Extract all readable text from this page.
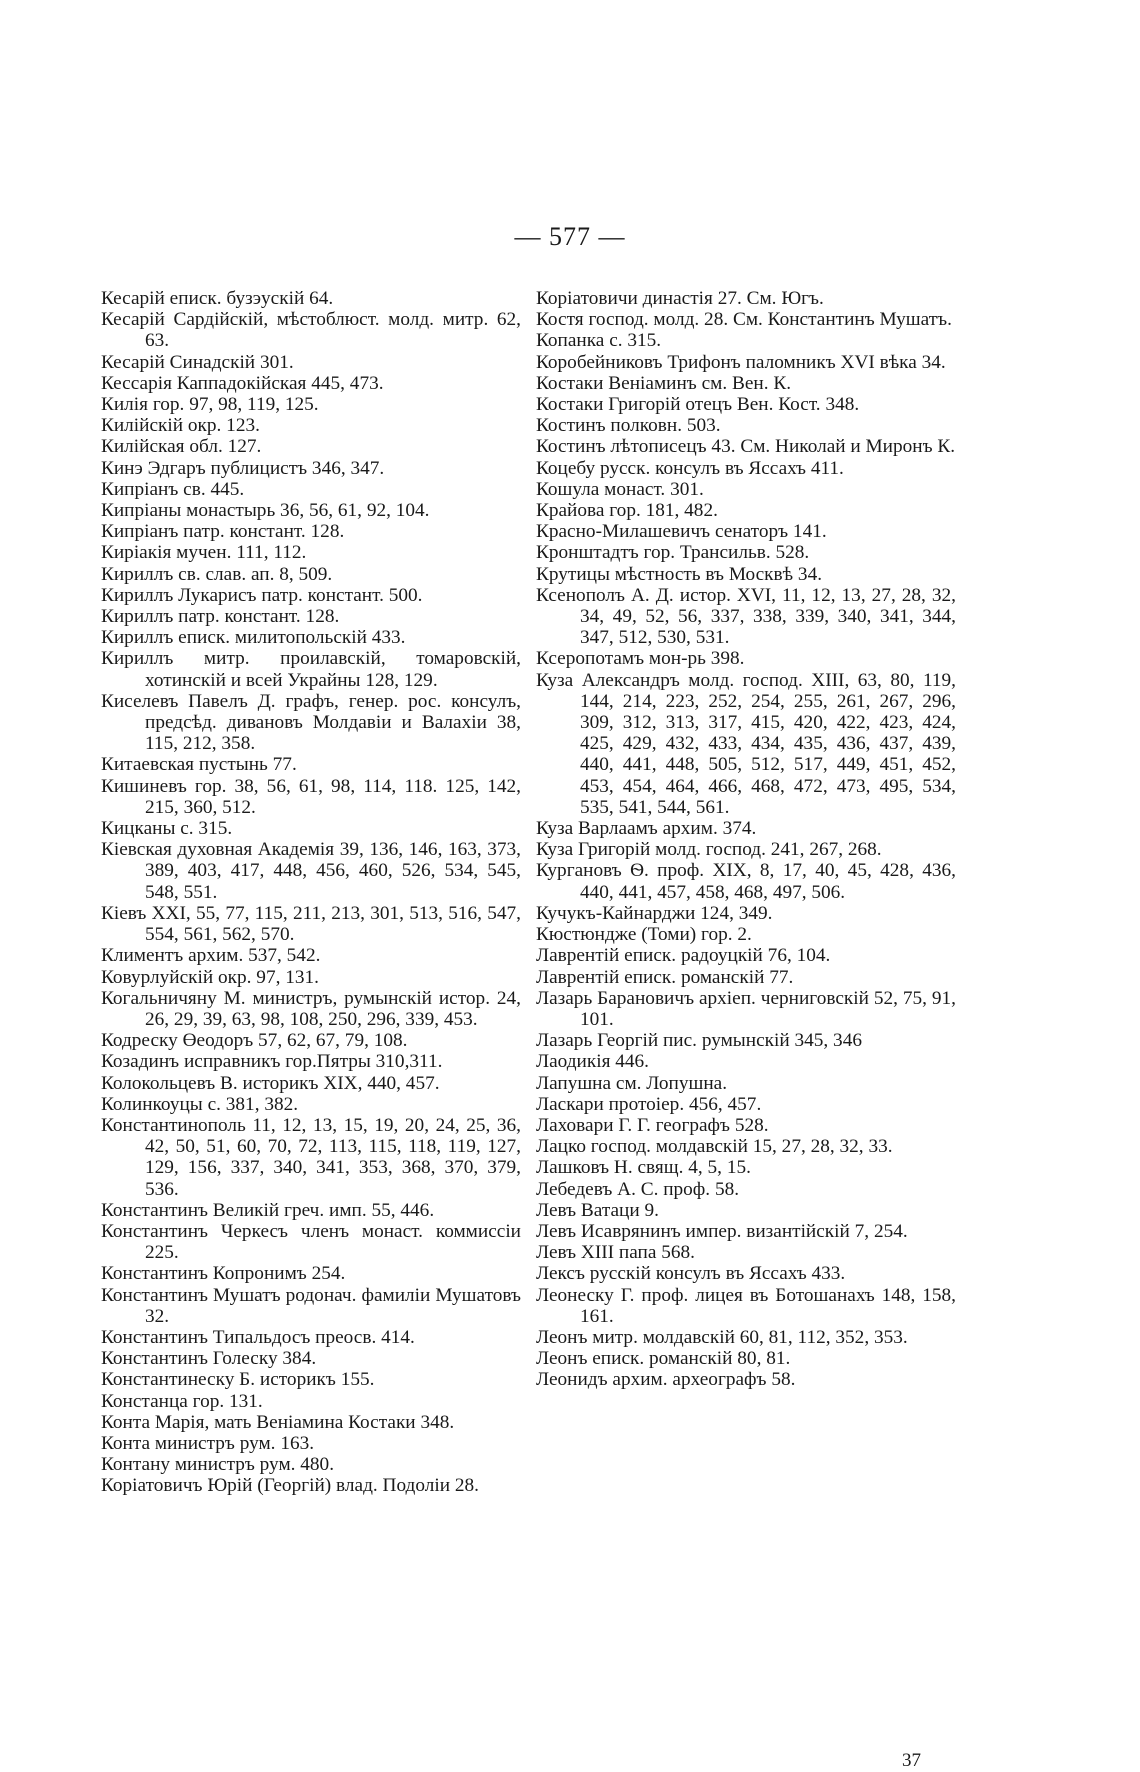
— 577 —

Кесарій еписк. бузэускій 64.

Кесарій Сардійскій, мѣстоблюст. молд. митр. 62, 63.

Кесарій Синадскій 301.

Кессарія Каппадокійская 445, 473.

Килія гор. 97, 98, 119, 125.

Килійскій окр. 123.

Килійская обл. 127.

Кинэ Эдгаръ публицистъ 346, 347.

Кипріанъ св. 445.

Кипріаны монастырь 36, 56, 61, 92, 104.

Кипріанъ патр. констант. 128.

Киріакія мучен. 111, 112.

Кириллъ св. слав. ап. 8, 509.

Кириллъ Лукарисъ патр. констант. 500.

Кириллъ патр. констант. 128.

Кириллъ еписк. милитопольскій 433.

Кириллъ митр. проилавскій, томаровскій, хотинскій и всей Украйны 128, 129.

Киселевъ Павелъ Д. графъ, генер. рос. консулъ, предсѣд. дивановъ Молдавіи и Валахіи 38, 115, 212, 358.

Китаевская пустынь 77.

Кишиневъ гор. 38, 56, 61, 98, 114, 118. 125, 142, 215, 360, 512.

Кицканы с. 315.

Кіевская духовная Академія 39, 136, 146, 163, 373, 389, 403, 417, 448, 456, 460, 526, 534, 545, 548, 551.

Кіевъ XXI, 55, 77, 115, 211, 213, 301, 513, 516, 547, 554, 561, 562, 570.

Климентъ архим. 537, 542.

Ковурлуйскій окр. 97, 131.

Когальничяну М. министръ, румынскій истор. 24, 26, 29, 39, 63, 98, 108, 250, 296, 339, 453.

Кодреску Өеодоръ 57, 62, 67, 79, 108.

Козадинъ исправникъ гор.Пятры 310,311.

Колокольцевъ В. историкъ XIX, 440, 457.

Колинкоуцы с. 381, 382.

Константинополь 11, 12, 13, 15, 19, 20, 24, 25, 36, 42, 50, 51, 60, 70, 72, 113, 115, 118, 119, 127, 129, 156, 337, 340, 341, 353, 368, 370, 379, 536.

Константинъ Великій греч. имп. 55, 446.

Константинъ Черкесъ членъ монаст. коммиссіи 225.

Константинъ Копронимъ 254.

Константинъ Мушатъ родонач. фамиліи Мушатовъ 32.

Константинъ Типальдосъ преосв. 414.

Константинъ Голеску 384.

Константинеску Б. историкъ 155.

Констанца гор. 131.

Конта Марія, мать Веніамина Костаки 348.

Конта министръ рум. 163.

Контану министръ рум. 480.

Коріатовичъ Юрій (Георгій) влад. Подоліи 28.

Коріатовичи династія 27. См. Югъ.

Костя господ. молд. 28. См. Константинъ Мушатъ.

Копанка с. 315.

Коробейниковъ Трифонъ паломникъ XVI вѣка 34.

Костаки Веніаминъ см. Вен. К.

Костаки Григорій отецъ Вен. Кост. 348.

Костинъ полковн. 503.

Костинъ лѣтописецъ 43. См. Николай и Миронъ К.

Коцебу русск. консулъ въ Яссахъ 411.

Кошула монаст. 301.

Крайова гор. 181, 482.

Красно-Милашевичъ сенаторъ 141.

Кронштадтъ гор. Трансильв. 528.

Крутицы мѣстность въ Москвѣ 34.

Ксенополъ А. Д. истор. XVI, 11, 12, 13, 27, 28, 32, 34, 49, 52, 56, 337, 338, 339, 340, 341, 344, 347, 512, 530, 531.

Ксеропотамъ мон-рь 398.

Куза Александръ молд. господ. XIII, 63, 80, 119, 144, 214, 223, 252, 254, 255, 261, 267, 296, 309, 312, 313, 317, 415, 420, 422, 423, 424, 425, 429, 432, 433, 434, 435, 436, 437, 439, 440, 441, 448, 505, 512, 517, 449, 451, 452, 453, 454, 464, 466, 468, 472, 473, 495, 534, 535, 541, 544, 561.

Куза Варлаамъ архим. 374.

Куза Григорій молд. господ. 241, 267, 268.

Кургановъ Ѳ. проф. XIX, 8, 17, 40, 45, 428, 436, 440, 441, 457, 458, 468, 497, 506.

Кучукъ-Кайнарджи 124, 349.

Кюстюндже (Томи) гор. 2.

Лаврентій еписк. радоуцкій 76, 104.

Лаврентій еписк. романскій 77.

Лазарь Барановичъ архіеп. черниговскій 52, 75, 91, 101.

Лазарь Георгій пис. румынскій 345, 346

Лаодикія 446.

Лапушна см. Лопушна.

Ласкари протоіер. 456, 457.

Лаховари Г. Г. географъ 528.

Лацко господ. молдавскій 15, 27, 28, 32, 33.

Лашковъ Н. свящ. 4, 5, 15.

Лебедевъ А. С. проф. 58.

Левъ Ватаци 9.

Левъ Исаврянинъ импер. византійскій 7, 254.

Левъ XIII папа 568.

Лексъ русскій консулъ въ Яссахъ 433.

Леонеску Г. проф. лицея въ Ботошанахъ 148, 158, 161.

Леонъ митр. молдавскій 60, 81, 112, 352, 353.

Леонъ еписк. романскій 80, 81.

Леонидъ архим. археографъ 58.

37
